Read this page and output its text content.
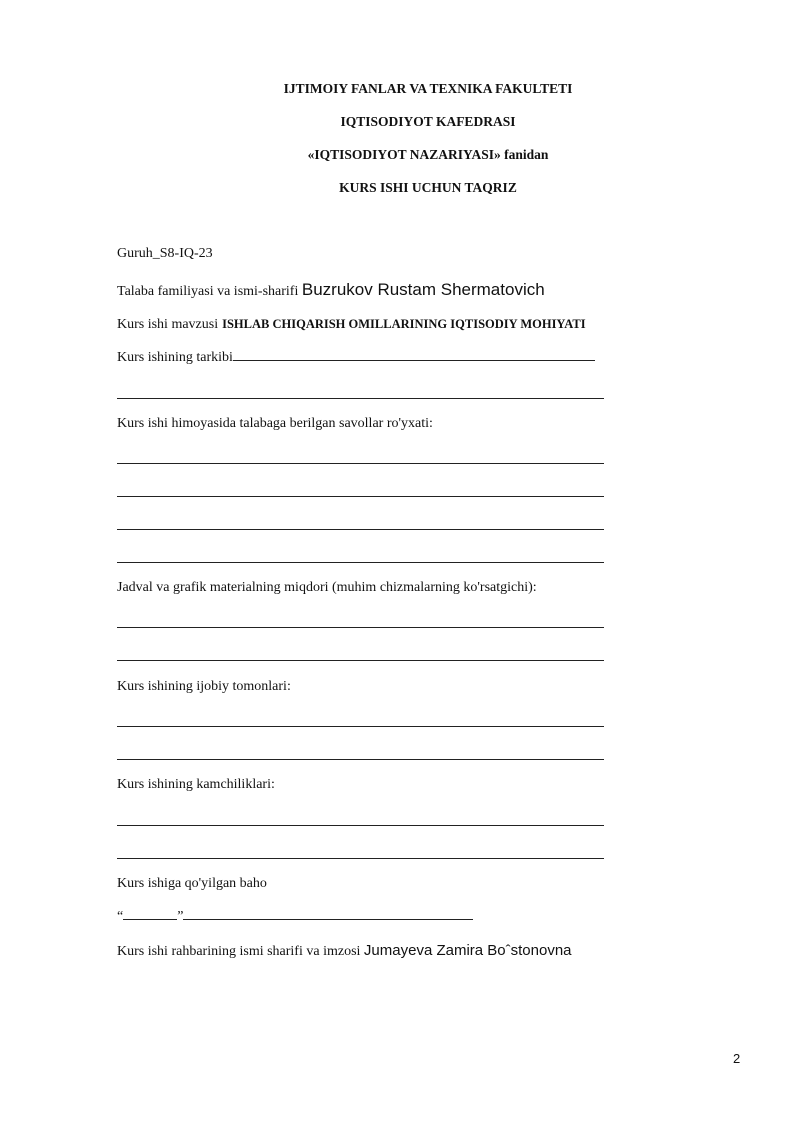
IJTIMOIY FANLAR VA TEXNIKA FAKULTETI
IQTISODIYOT KAFEDRASI
«IQTISODIYOT NAZARIYASI» fanidan
KURS ISHI UCHUN TAQRIZ
Guruh_S8-IQ-23
Talaba familiyasi va ismi-sharifi Buzrukov Rustam Shermatovich
Kurs ishi mavzusi ISHLAB CHIQARISH OMILLARINING IQTISODIY MOHIYATI
Kurs ishining tarkibi
Kurs ishi himoyasida talabaga berilgan savollar ro'yxati:
Jadval va grafik materialning miqdori (muhim chizmalarning ko'rsatgichi):
Kurs ishining ijobiy tomonlari:
Kurs ishining kamchiliklari:
Kurs ishiga qo'yilgan baho
“	”
Kurs ishi rahbarining ismi sharifi va imzosi Jumayeva Zamira Boˆstonovna
2
